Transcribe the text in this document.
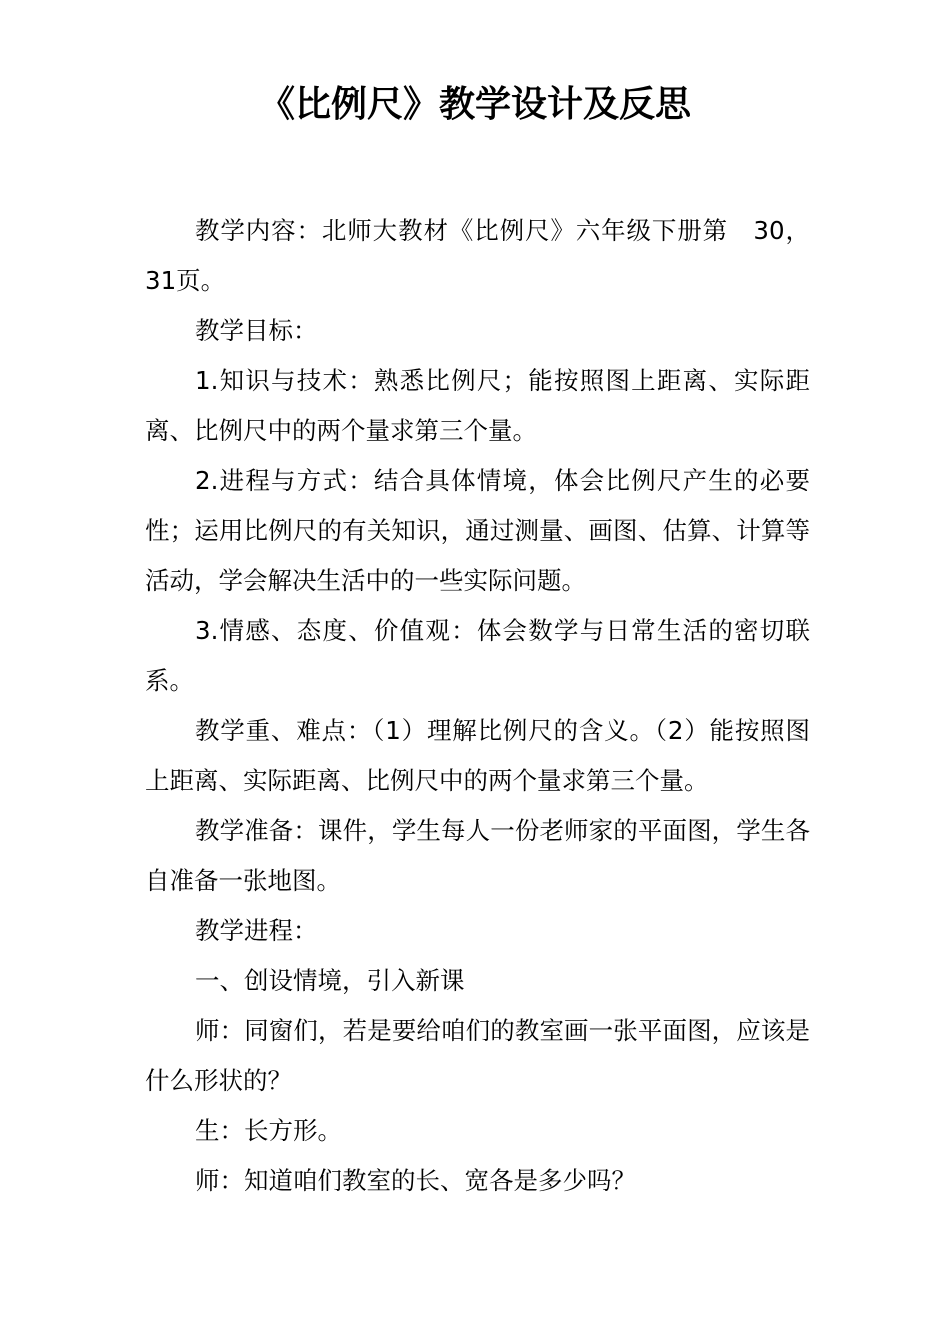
《比例尺》教学设计及反思

教学内容：北师大教材《比例尺》六年级下册第　30，31页。

教学目标：

1.知识与技术：熟悉比例尺；能按照图上距离、实际距离、比例尺中的两个量求第三个量。

2.进程与方式：结合具体情境，体会比例尺产生的必要性；运用比例尺的有关知识，通过测量、画图、估算、计算等活动，学会解决生活中的一些实际问题。

3.情感、态度、价值观：体会数学与日常生活的密切联系。

教学重、难点：（1）理解比例尺的含义。（2）能按照图上距离、实际距离、比例尺中的两个量求第三个量。

教学准备：课件，学生每人一份老师家的平面图，学生各自准备一张地图。

教学进程：

一、创设情境，引入新课

师：同窗们，若是要给咱们的教室画一张平面图，应该是什么形状的？

生：长方形。

师：知道咱们教室的长、宽各是多少吗？
